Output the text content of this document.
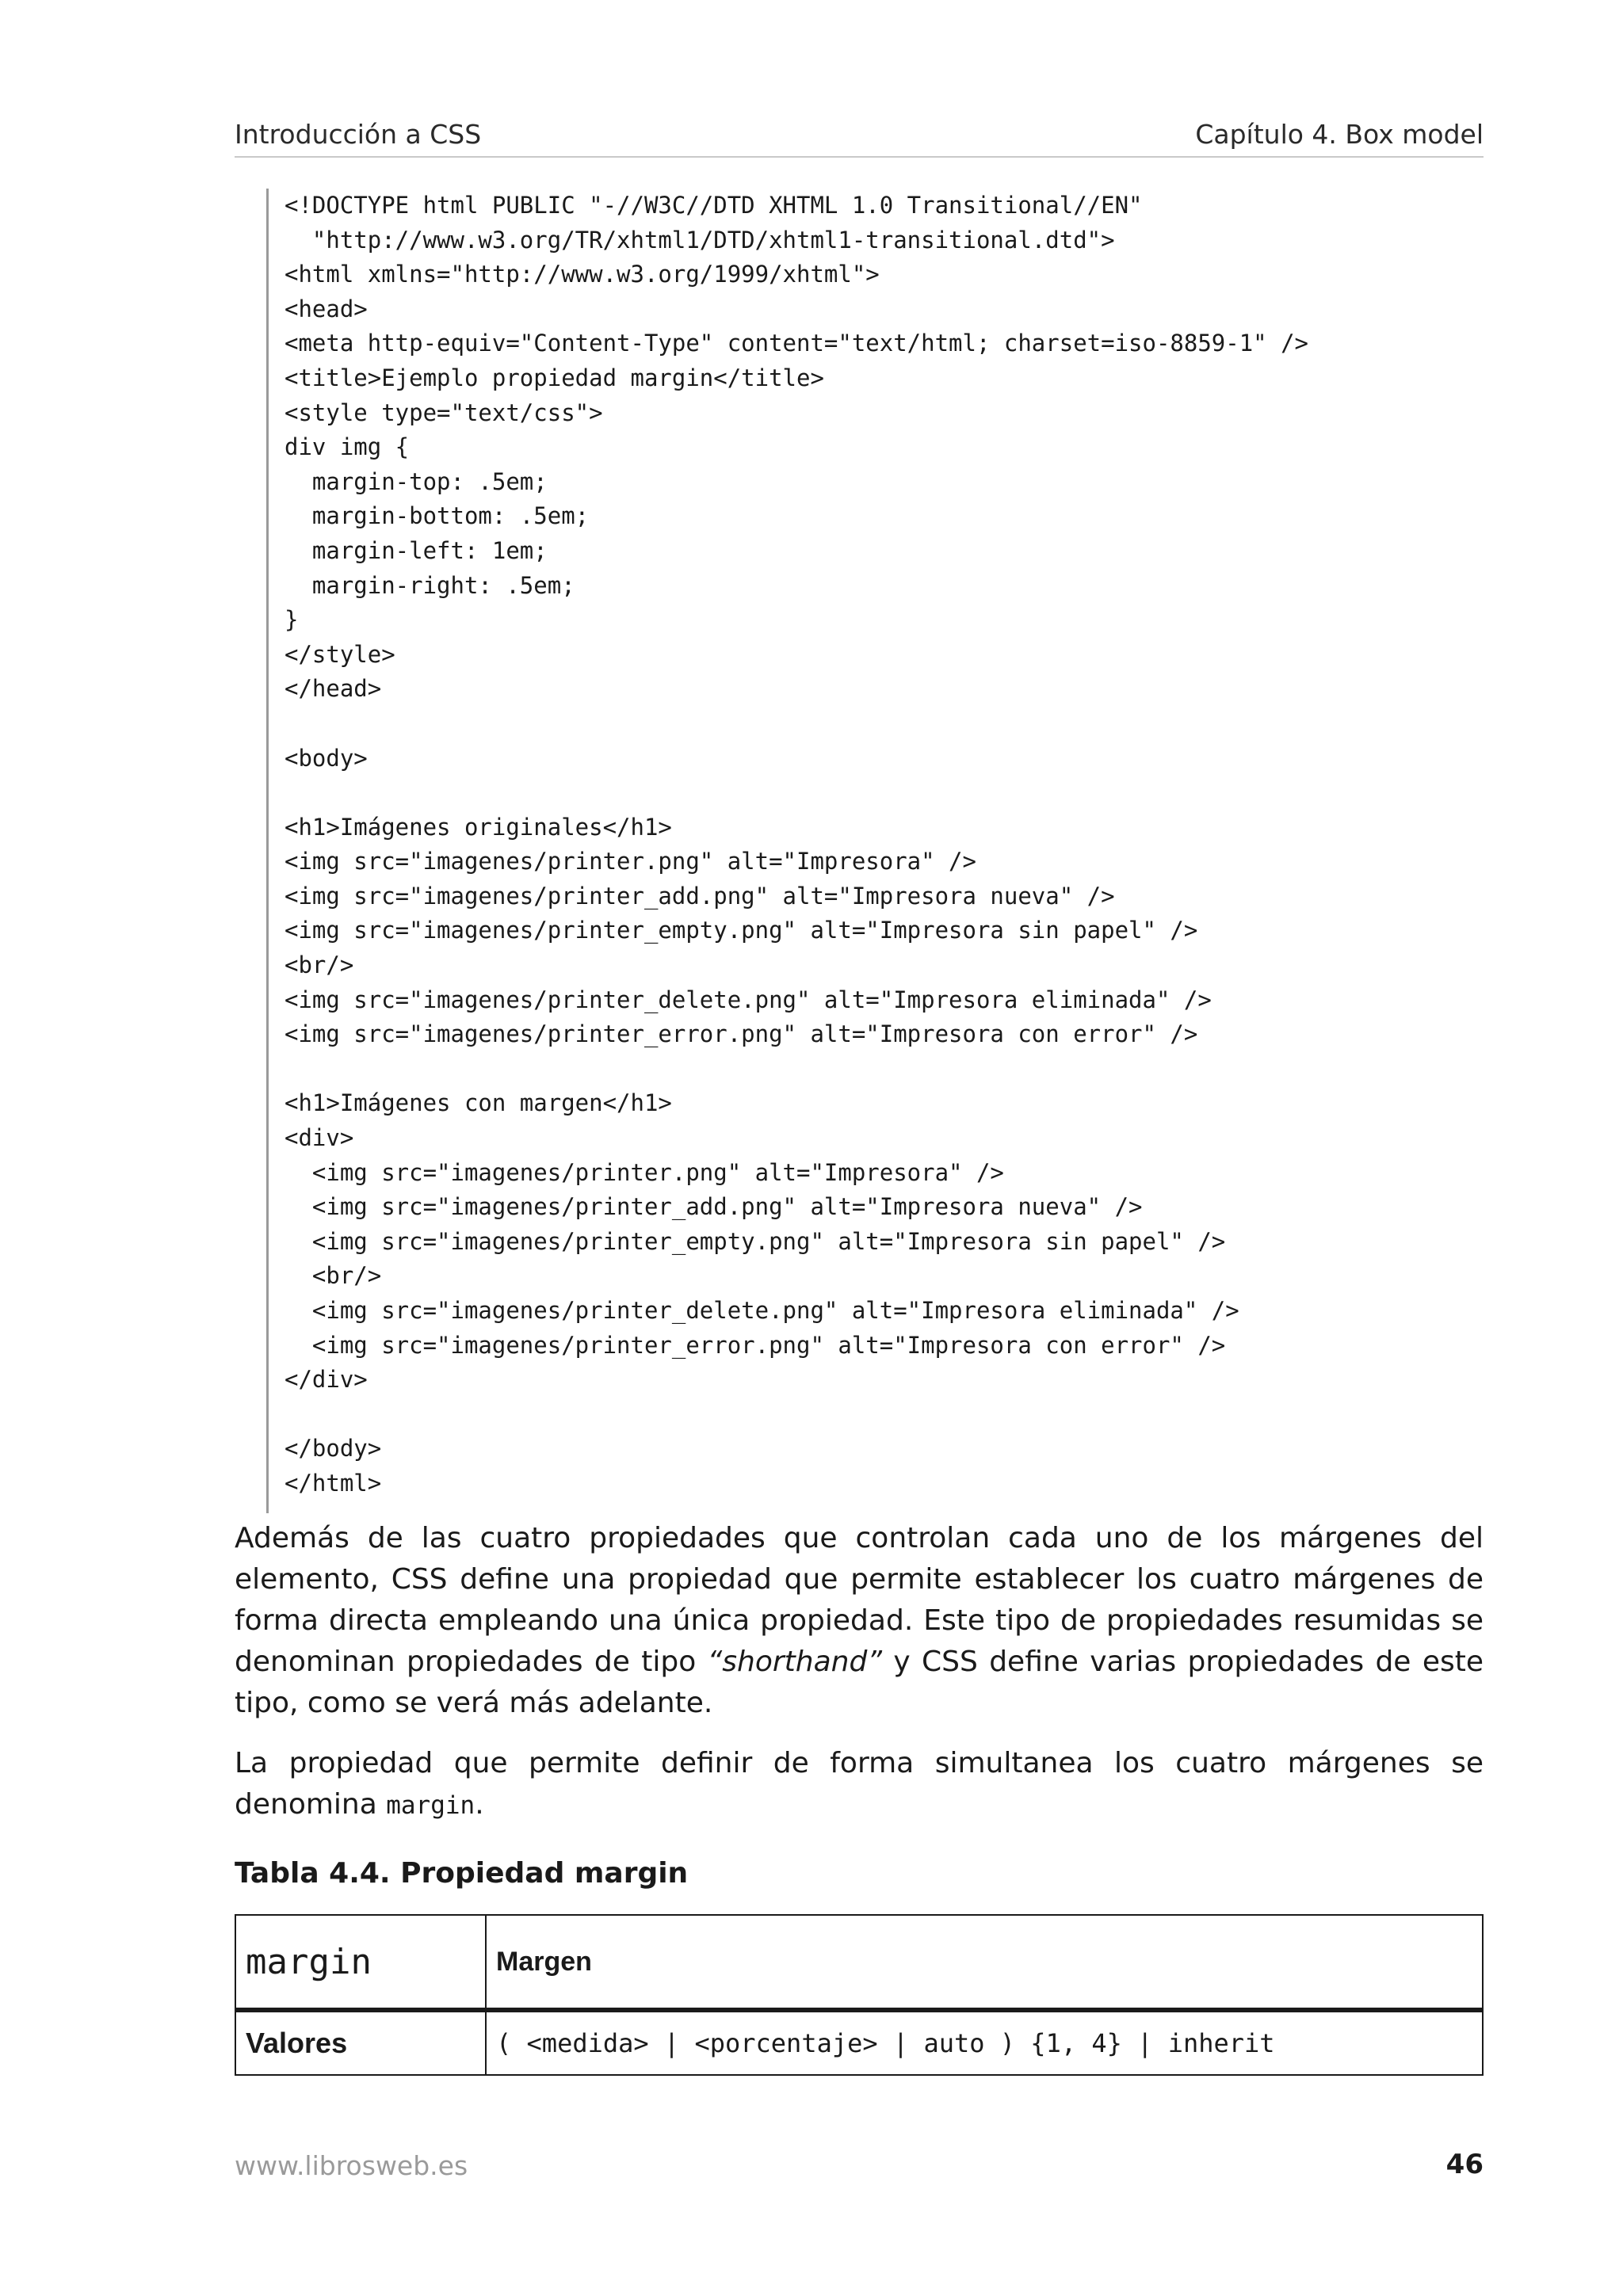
Introducción a CSS	Capítulo 4. Box model
<!DOCTYPE html PUBLIC "-//W3C//DTD XHTML 1.0 Transitional//EN"
"http://www.w3.org/TR/xhtml1/DTD/xhtml1-transitional.dtd">
<html xmlns="http://www.w3.org/1999/xhtml">
<head>
<meta http-equiv="Content-Type" content="text/html; charset=iso-8859-1" />
<title>Ejemplo propiedad margin</title>
<style type="text/css">
div img {
margin-top: .5em;
margin-bottom: .5em;
margin-left: 1em;
margin-right: .5em;
}
</style>
</head>

<body>

<h1>Imágenes originales</h1>
<img src="imagenes/printer.png" alt="Impresora" />
<img src="imagenes/printer_add.png" alt="Impresora nueva" />
<img src="imagenes/printer_empty.png" alt="Impresora sin papel" />
<br/>
<img src="imagenes/printer_delete.png" alt="Impresora eliminada" />
<img src="imagenes/printer_error.png" alt="Impresora con error" />

<h1>Imágenes con margen</h1>
<div>
<img src="imagenes/printer.png" alt="Impresora" />
<img src="imagenes/printer_add.png" alt="Impresora nueva" />
<img src="imagenes/printer_empty.png" alt="Impresora sin papel" />
<br/>
<img src="imagenes/printer_delete.png" alt="Impresora eliminada" />
<img src="imagenes/printer_error.png" alt="Impresora con error" />
</div>

</body>
</html>

Además de las cuatro propiedades que controlan cada uno de los márgenes del elemento, CSS define una propiedad que permite establecer los cuatro márgenes de forma directa empleando una única propiedad. Este tipo de propiedades resumidas se denominan propiedades de tipo “shorthand” y CSS define varias propiedades de este tipo, como se verá más adelante.

La propiedad que permite definir de forma simultanea los cuatro márgenes se denomina margin.

Tabla 4.4. Propiedad margin

margin	Margen
Valores	( <medida> | <porcentaje> | auto ) {1, 4} | inherit
www.librosweb.es	46
